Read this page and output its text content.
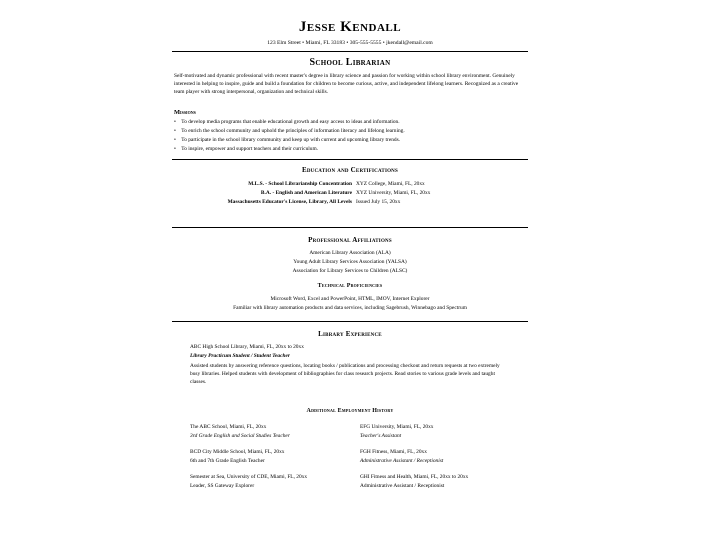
Jesse Kendall
123 Elm Street • Miami, FL 33183 • 305-555-5555 • jkendall@email.com
School Librarian
Self-motivated and dynamic professional with recent master's degree in library science and passion for working within school library environment. Genuinely interested in helping to inspire, guide and build a foundation for children to become curious, active, and independent lifelong learners. Recognized as a creative team player with strong interpersonal, organization and technical skills.
Missions
•    To develop media programs that enable educational growth and easy access to ideas and information.
•    To enrich the school community and uphold the principles of information literacy and lifelong learning.
•    To participate in the school library community and keep up with current and upcoming library trends.
•    To inspire, empower and support teachers and their curriculum.
Education and Certifications
M.L.S. - School Librarianship Concentration XYZ College, Miami, FL, 20xx
B.A. - English and American Literature XYZ University, Miami, FL, 20xx
Massachusetts Educator's License, Library, All Levels Issued July 15, 20xx
Professional Affiliations
American Library Association (ALA)
Young Adult Library Services Association (YALSA)
Association for Library Services to Children (ALSC)
Technical Proficiencies
Microsoft Word, Excel and PowerPoint, HTML, IMOV, Internet Explorer
Familiar with library automation products and data services, including Sagebrush, Winnebago and Spectrum
Library Experience
ABC High School Library, Miami, FL, 20xx to 20xx
Library Practicum Student / Student Teacher
Assisted students by answering reference questions, locating books / publications and processing checkout and return requests at two extremely busy libraries. Helped students with development of bibliographies for class research projects. Read stories to various grade levels and taught classes.
Additional Employment History
The ABC School, Miami, FL, 20xx
3rd Grade English and Social Studies Teacher
EFG University, Miami, FL, 20xx
Teacher's Assistant
BCD City Middle School, Miami, FL, 20xx
6th and 7th Grade English Teacher
FGH Fitness, Miami, FL, 20xx
Administrative Assistant / Receptionist
Semester at Sea, University of CDE, Miami, FL, 20xx
Leader, SS Gateway Explorer
GHI Fitness and Health, Miami, FL, 20xx to 20xx
Administrative Assistant / Receptionist
